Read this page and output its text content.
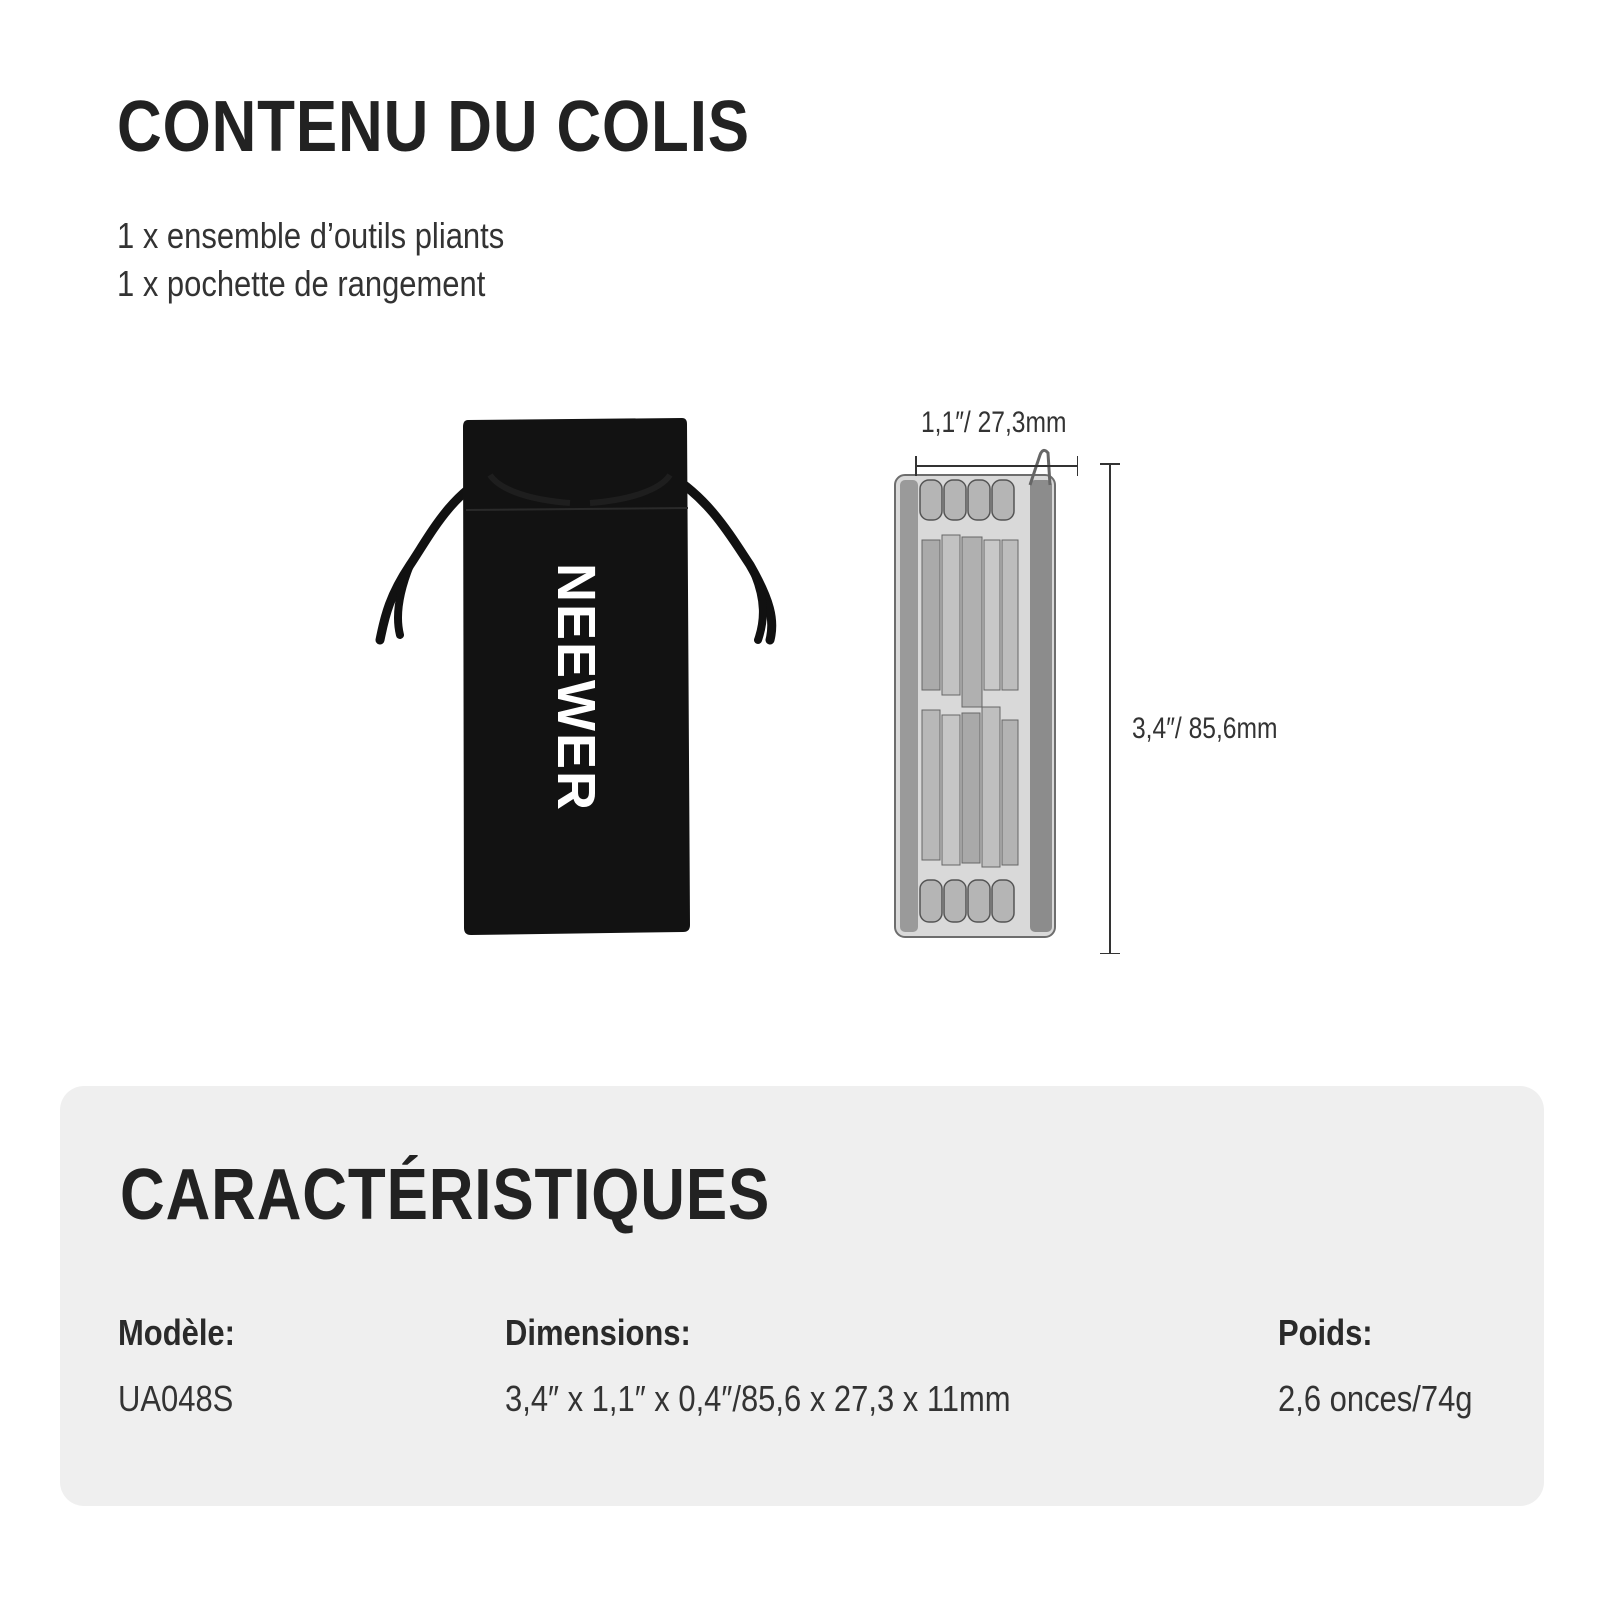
CONTENU DU COLIS
1 x ensemble d’outils pliants
1 x pochette de rangement
NEEWER
1,1″/ 27,3mm
3,4″/ 85,6mm
CARACTÉRISTIQUES
Modèle:
UA048S
Dimensions:
3,4″ x 1,1″ x 0,4″/85,6 x 27,3 x 11mm
Poids:
2,6 onces/74g
